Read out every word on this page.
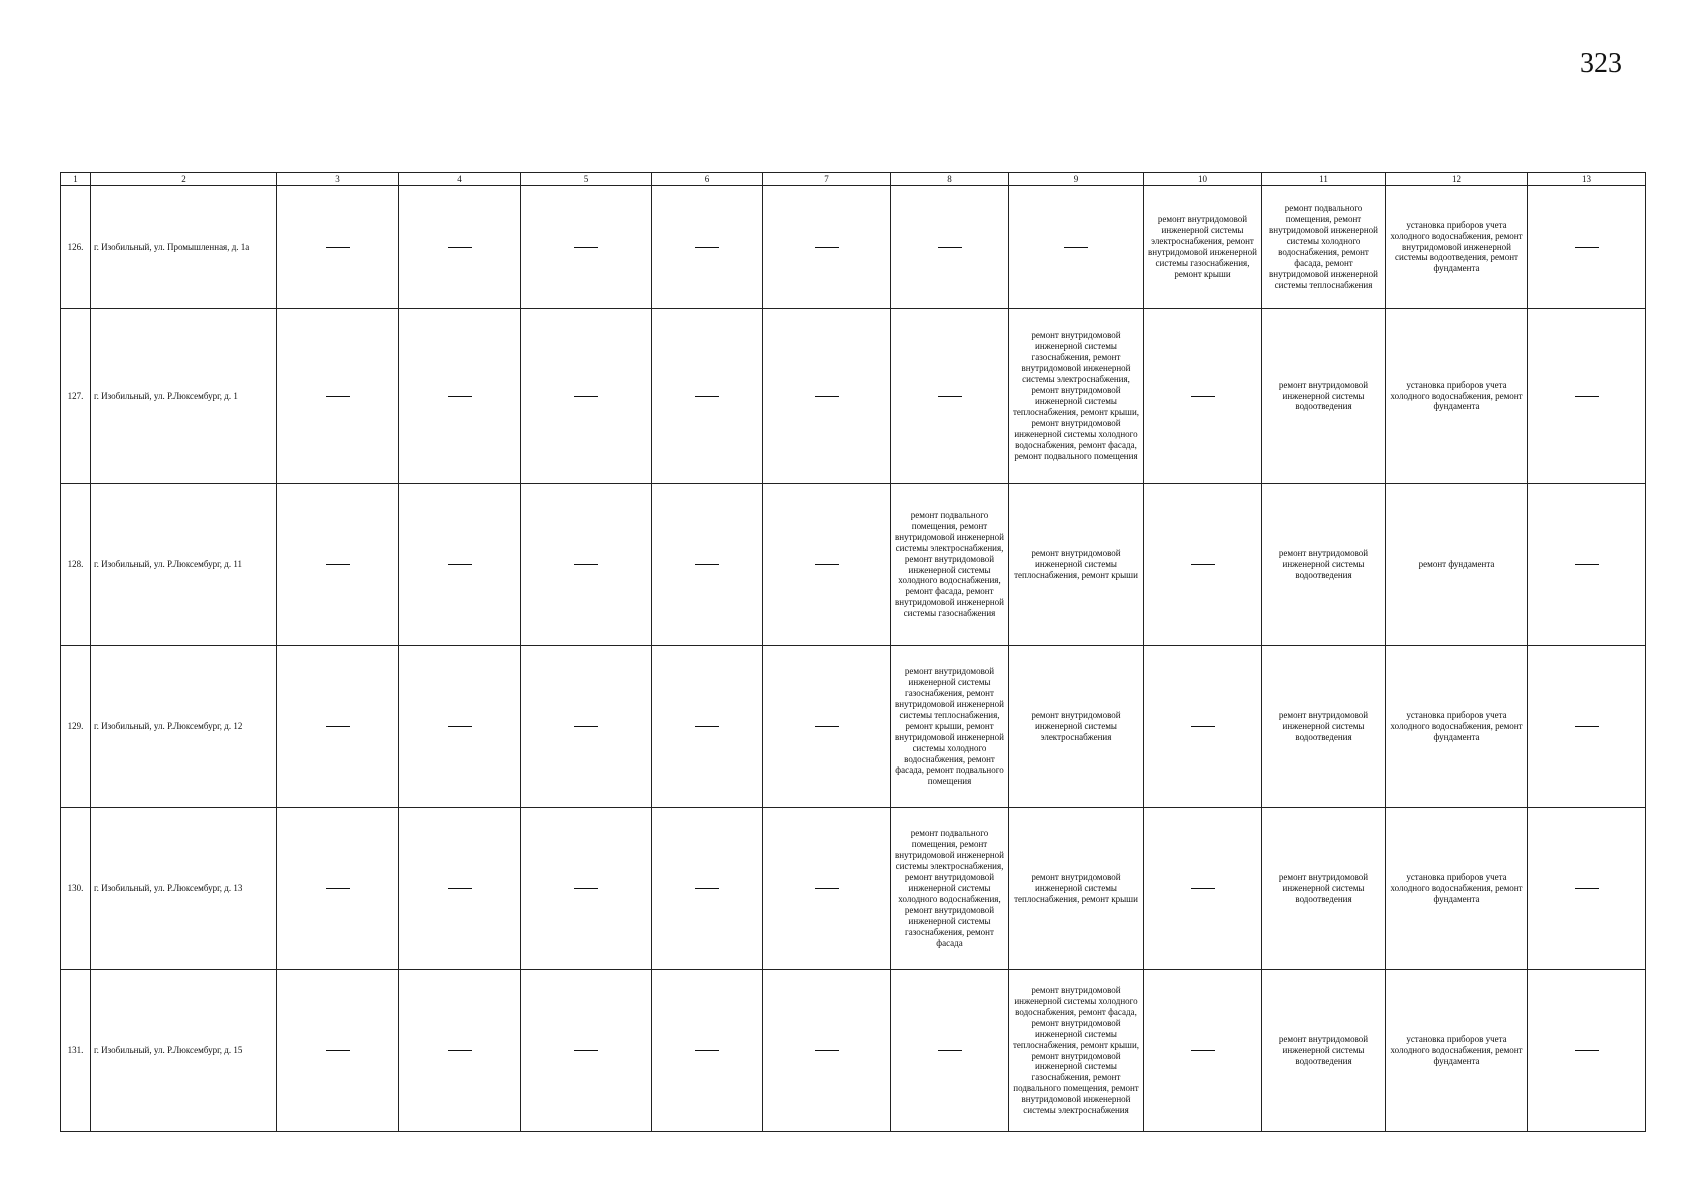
323
1	2	3	4	5	6	7	8	9	10	11	12	13
126.	г. Изобильный, ул. Промышленная, д. 1а								ремонт внутридомовой инженерной системы электроснабжения, ремонт внутридомовой инженерной системы газоснабжения, ремонт крыши	ремонт подвального помещения, ремонт внутридомовой инженерной системы холодного водоснабжения, ремонт фасада, ремонт внутридомовой инженерной системы теплоснабжения	установка приборов учета холодного водоснабжения, ремонт внутридомовой инженерной системы водоотведения, ремонт фундамента	
127.	г. Изобильный, ул. Р.Люксембург, д. 1							ремонт внутридомовой инженерной системы газоснабжения, ремонт внутридомовой инженерной системы электроснабжения, ремонт внутридомовой инженерной системы теплоснабжения, ремонт крыши, ремонт внутридомовой инженерной системы холодного водоснабжения, ремонт фасада, ремонт подвального помещения		ремонт внутридомовой инженерной системы водоотведения	установка приборов учета холодного водоснабжения, ремонт фундамента	
128.	г. Изобильный, ул. Р.Люксембург, д. 11						ремонт подвального помещения, ремонт внутридомовой инженерной системы электроснабжения, ремонт внутридомовой инженерной системы холодного водоснабжения, ремонт фасада, ремонт внутридомовой инженерной системы газоснабжения	ремонт внутридомовой инженерной системы теплоснабжения, ремонт крыши		ремонт внутридомовой инженерной системы водоотведения	ремонт фундамента	
129.	г. Изобильный, ул. Р.Люксембург, д. 12						ремонт внутридомовой инженерной системы газоснабжения, ремонт внутридомовой инженерной системы теплоснабжения, ремонт крыши, ремонт внутридомовой инженерной системы холодного водоснабжения, ремонт фасада, ремонт подвального помещения	ремонт внутридомовой инженерной системы электроснабжения		ремонт внутридомовой инженерной системы водоотведения	установка приборов учета холодного водоснабжения, ремонт фундамента	
130.	г. Изобильный, ул. Р.Люксембург, д. 13						ремонт подвального помещения, ремонт внутридомовой инженерной системы электроснабжения, ремонт внутридомовой инженерной системы холодного водоснабжения, ремонт внутридомовой инженерной системы газоснабжения, ремонт фасада	ремонт внутридомовой инженерной системы теплоснабжения, ремонт крыши		ремонт внутридомовой инженерной системы водоотведения	установка приборов учета холодного водоснабжения, ремонт фундамента	
131.	г. Изобильный, ул. Р.Люксембург, д. 15							ремонт внутридомовой инженерной системы холодного водоснабжения, ремонт фасада, ремонт внутридомовой инженерной системы теплоснабжения, ремонт крыши, ремонт внутридомовой инженерной системы газоснабжения, ремонт подвального помещения, ремонт внутридомовой инженерной системы электроснабжения		ремонт внутридомовой инженерной системы водоотведения	установка приборов учета холодного водоснабжения, ремонт фундамента	
